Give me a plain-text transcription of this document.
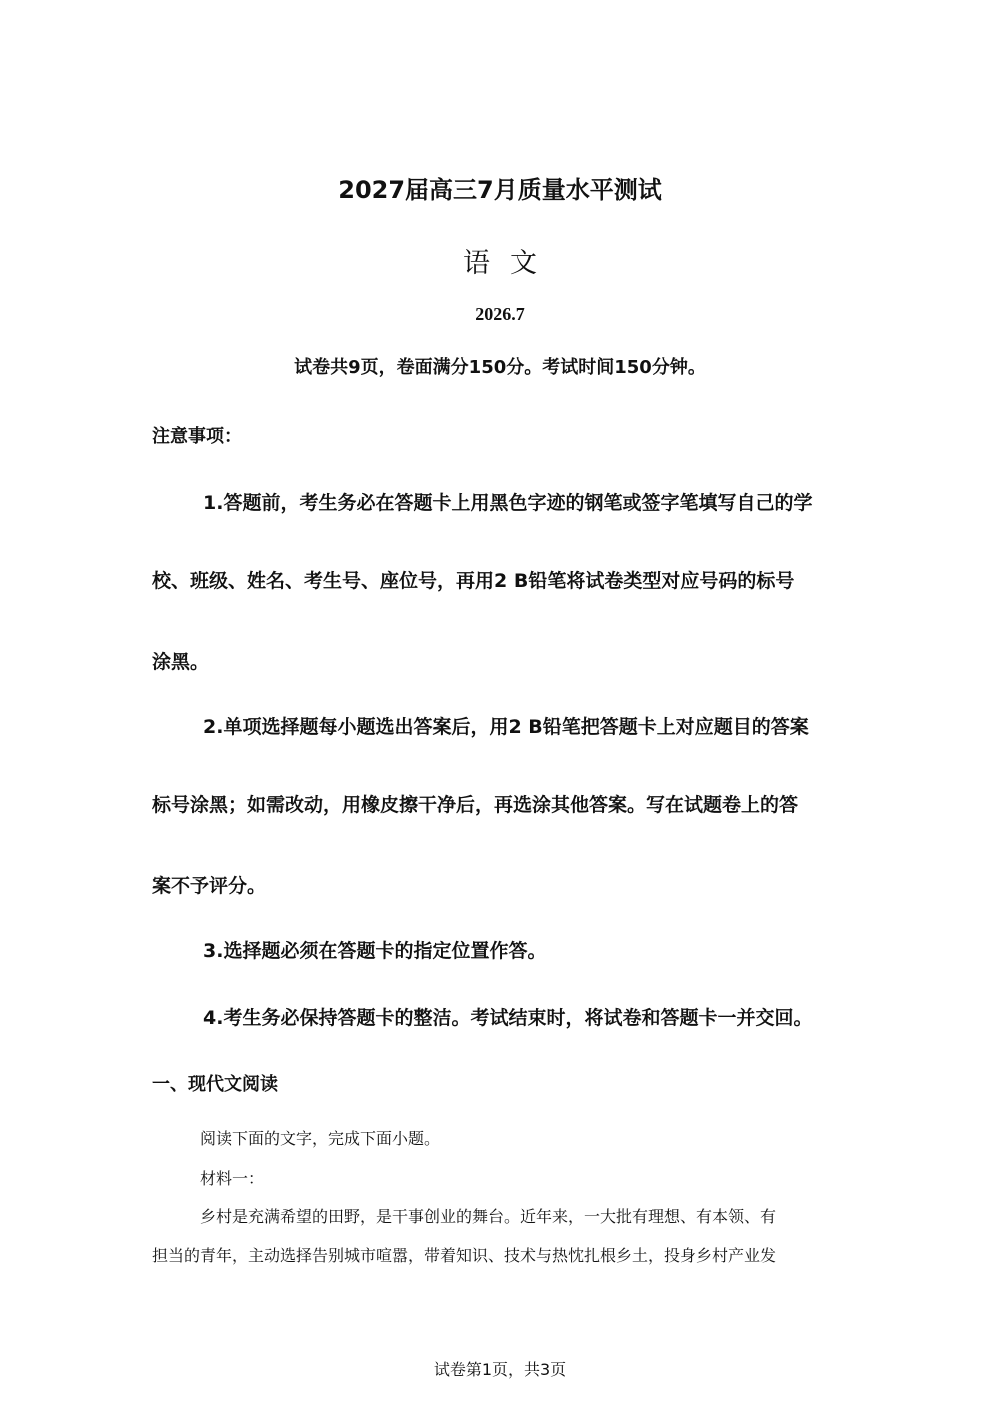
2027届高三7月质量水平测试
语文
2026.7
试卷共9页，卷面满分150分。考试时间150分钟。
注意事项：
1.答题前，考生务必在答题卡上用黑色字迹的钢笔或签字笔填写自己的学
校、班级、姓名、考生号、座位号，再用2 B铅笔将试卷类型对应号码的标号
涂黑。
2.单项选择题每小题选出答案后，用2 B铅笔把答题卡上对应题目的答案
标号涂黑；如需改动，用橡皮擦干净后，再选涂其他答案。写在试题卷上的答
案不予评分。
3.选择题必须在答题卡的指定位置作答。
4.考生务必保持答题卡的整洁。考试结束时，将试卷和答题卡一并交回。
一、现代文阅读
阅读下面的文字，完成下面小题。
材料一：
乡村是充满希望的田野，是干事创业的舞台。近年来，一大批有理想、有本领、有
担当的青年，主动选择告别城市喧嚣，带着知识、技术与热忱扎根乡土，投身乡村产业发
试卷第1页，共3页
